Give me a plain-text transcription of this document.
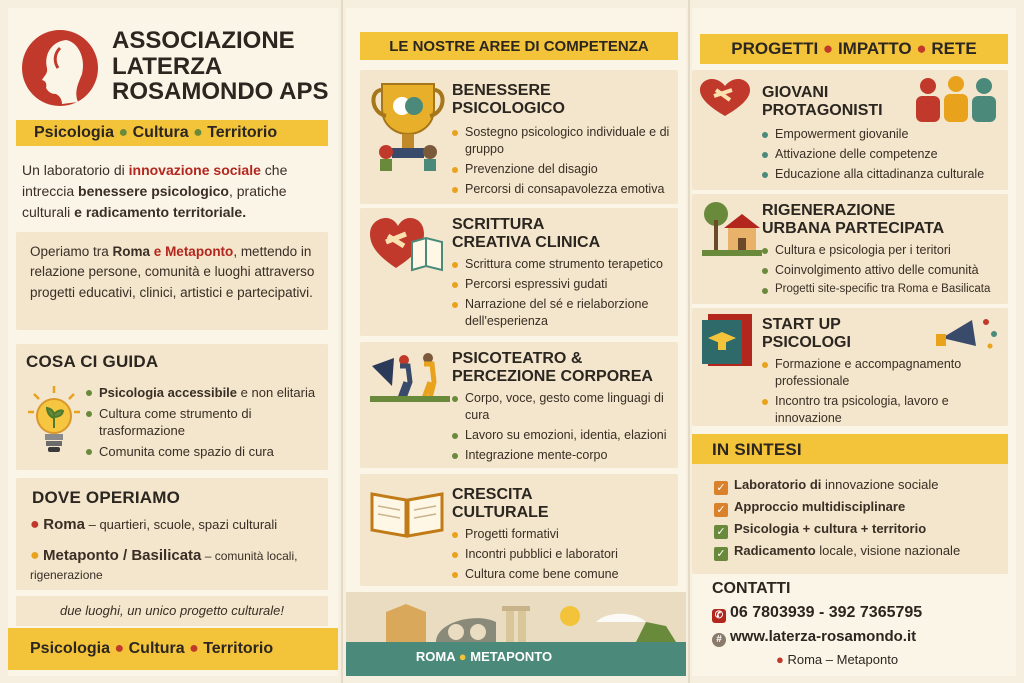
ASSOCIAZIONE
LATERZA
ROSAMONDO APS
Psicologia ● Cultura ● Territorio

Un laboratorio di innovazione sociale che intreccia benessere psicologico, pratiche culturali e radicamento territoriale.

Operiamo tra Roma e Metaponto, mettendo in relazione persone, comunità e luoghi attraverso progetti educativi, clinici, artistici e partecipativi.

COSA CI GUIDA
Psicologia accessibile e non elitaria
Cultura come strumento di trasformazione
Comunita come spazio di cura
DOVE OPERIAMO
● Roma – quartieri, scuole, spazi culturali
● Metaponto / Basilicata – comunità locali, rigenerazione
due luoghi, un unico progetto culturale!
Psicologia ● Cultura ● Territorio
LE NOSTRE AREE DI COMPETENZA
BENESSERE
PSICOLOGICO
Sostegno psicologico individuale e di gruppo
Prevenzione del disagio
Percorsi di consapavolezza emotiva
SCRITTURA
CREATIVA CLINICA
Scrittura come strumento terapetico
Percorsi espressivi gudati
Narrazione del sé e rielaborzione dell'esperienza
PSICOTEATRO &
PERCEZIONE CORPOREA
Corpo, voce, gesto come linguagi di cura
Lavoro su emozioni, identia, elazioni
Integrazione mente-corpo
CRESCITA
CULTURALE
Progetti formativi
Incontri pubblici e laboratori
Cultura come bene comune
ROMA ● METAPONTO
PROGETTI ● IMPATTO ● RETE
GIOVANI
PROTAGONISTI
Empowerment giovanile
Attivazione delle competenze
Educazione alla cittadinanza culturale
RIGENERAZIONE
URBANA PARTECIPATA
Cultura e psicologia per i teritori
Coinvolgimento attivo delle comunità
Progetti site-specific tra Roma e Basilicata
START UP
PSICOLOGI
Formazione e accompagnamento professionale
Incontro tra psicologia, lavoro e innovazione
IN SINTESI
✓ Laboratorio di innovazione sociale
✓ Approccio multidisciplinare
✓ Psicologia + cultura + territorio
✓ Radicamento locale, visione nazionale
CONTATTI
✆ 06 7803939 - 392 7365795
# www.laterza-rosamondo.it
● Roma – Metaponto
